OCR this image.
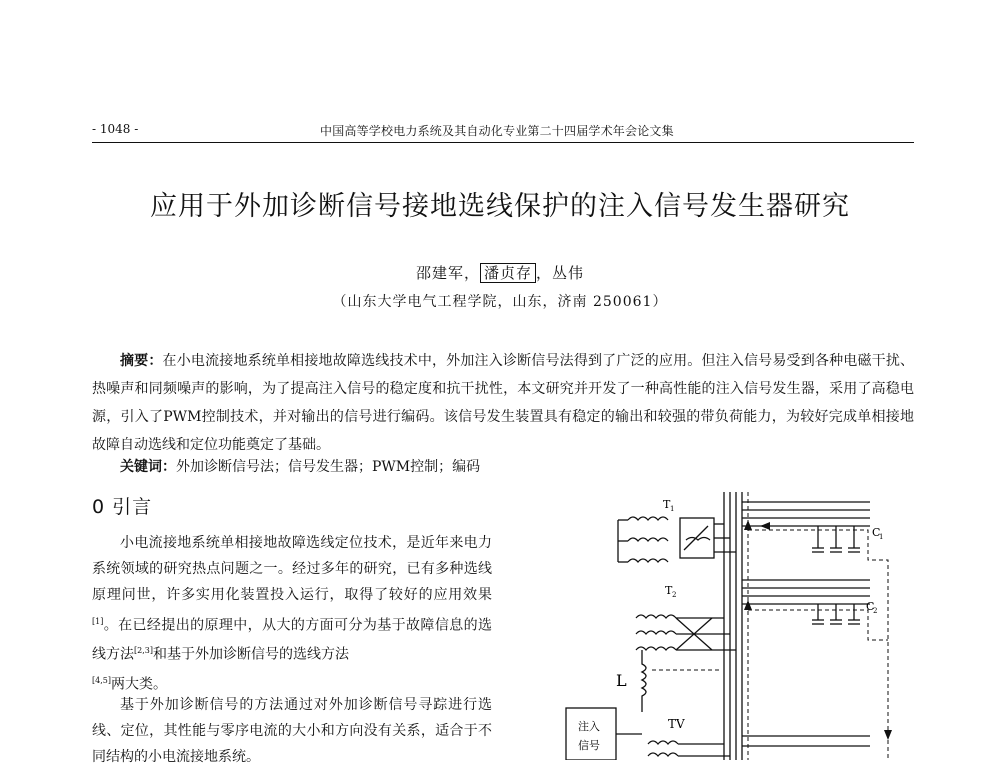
- 1048 -	中国高等学校电力系统及其自动化专业第二十四届学术年会论文集
应用于外加诊断信号接地选线保护的注入信号发生器研究
邵建军， 潘贞存 ，丛伟
（山东大学电气工程学院，山东，济南 250061）
摘要：在小电流接地系统单相接地故障选线技术中，外加注入诊断信号法得到了广泛的应用。但注入信号易受到各种电磁干扰、热噪声和同频噪声的影响，为了提高注入信号的稳定度和抗干扰性，本文研究并开发了一种高性能的注入信号发生器，采用了高稳电源，引入了PWM控制技术，并对输出的信号进行编码。该信号发生装置具有稳定的输出和较强的带负荷能力，为较好完成单相接地故障自动选线和定位功能奠定了基础。
关键词：外加诊断信号法；信号发生器；PWM控制；编码
0 引言
小电流接地系统单相接地故障选线定位技术，是近年来电力系统领域的研究热点问题之一。经过多年的研究，已有多种选线原理问世，许多实用化装置投入运行，取得了较好的应用效果[1]。在已经提出的原理中，从大的方面可分为基于故障信息的选线方法[2,3]和基于外加诊断信号的选线方法
[4,5]两大类。
基于外加诊断信号的方法通过对外加诊断信号寻踪进行选线、定位，其性能与零序电流的大小和方向没有关系，适合于不同结构的小电流接地系统。
T 1
T 2
C
1
C
2
L
TV
注入
信号
